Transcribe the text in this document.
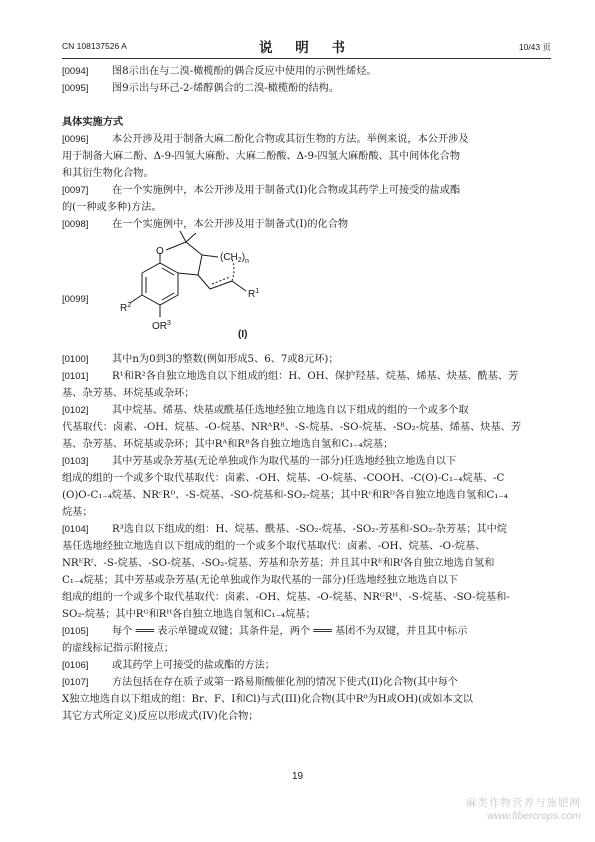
CN 108137526 A	说 明 书	10/43 页
[0094] 图8示出在与二溴-橄榄酚的偶合反应中使用的示例性烯烃。
[0095] 图9示出与环己-2-烯醇偶合的二溴-橄榄酚的结构。
具体实施方式
[0096] 本公开涉及用于制备大麻二酚化合物或其衍生物的方法。举例来说，本公开涉及
用于制备大麻二酚、Δ-9-四氢大麻酚、大麻二酚酸、Δ-9-四氢大麻酚酸、其中间体化合物
和其衍生物化合物。
[0097] 在一个实施例中，本公开涉及用于制备式(I)化合物或其药学上可接受的盐或酯
的(一种或多种)方法。
[0098] 在一个实施例中，本公开涉及用于制备式(I)的化合物
[0099]
O
$(CH_2)_n$
$R^1$
$R^2$
$OR^3$
(I)
[0100] 其中n为0到3的整数(例如形成5、6、7或8元环)；
[0101] R¹和R²各自独立地选自以下组成的组：H、OH、保护羟基、烷基、烯基、炔基、酰基、芳
基、杂芳基、环烷基或杂环；
[0102] 其中烷基、烯基、炔基或酰基任选地经独立地选自以下组成的组的一个或多个取
代基取代：卤素、-OH、烷基、-O-烷基、NRᴬRᴮ、-S-烷基、-SO-烷基、-SO₂-烷基、烯基、炔基、芳
基、杂芳基、环烷基或杂环；其中Rᴬ和Rᴮ各自独立地选自氢和C₁₋₄烷基；
[0103] 其中芳基或杂芳基(无论单独或作为取代基的一部分)任选地经独立地选自以下
组成的组的一个或多个取代基取代：卤素、-OH、烷基、-O-烷基、-COOH、-C(O)-C₁₋₄烷基、-C
(O)O-C₁₋₄烷基、NRᶜRᴰ、-S-烷基、-SO-烷基和-SO₂-烷基；其中Rᶜ和Rᴰ各自独立地选自氢和C₁₋₄
烷基；
[0104] R³选自以下组成的组：H、烷基、酰基、-SO₂-烷基、-SO₂-芳基和-SO₂-杂芳基；其中烷
基任选地经独立地选自以下组成的组的一个或多个取代基取代：卤素、-OH、烷基、-O-烷基、
NRᴱRᶠ、-S-烷基、-SO-烷基、-SO₂-烷基、芳基和杂芳基；并且其中Rᴱ和Rᶠ各自独立地选自氢和
C₁₋₄烷基；其中芳基或杂芳基(无论单独或作为取代基的一部分)任选地经独立地选自以下
组成的组的一个或多个取代基取代：卤素、-OH、烷基、-O-烷基、NRᴳRᴴ、-S-烷基、-SO-烷基和-
SO₂-烷基；其中Rᴳ和Rᴴ各自独立地选自氢和C₁₋₄烷基；
[0105] 每个 ═══ 表示单键或双键；其条件是，两个 ═══ 基团不为双键，并且其中标示
的虚线标记指示附接点；
[0106] 或其药学上可接受的盐或酯的方法；
[0107] 方法包括在存在质子或第一路易斯酸催化剂的情况下使式(II)化合物(其中每个
X独立地选自以下组成的组：Br、F、I和Cl)与式(III)化合物(其中R⁰为H或OH)(或如本文以
其它方式所定义)反应以形成式(IV)化合物；
19
麻类作物营养与施肥网
www.fibercrops.com
